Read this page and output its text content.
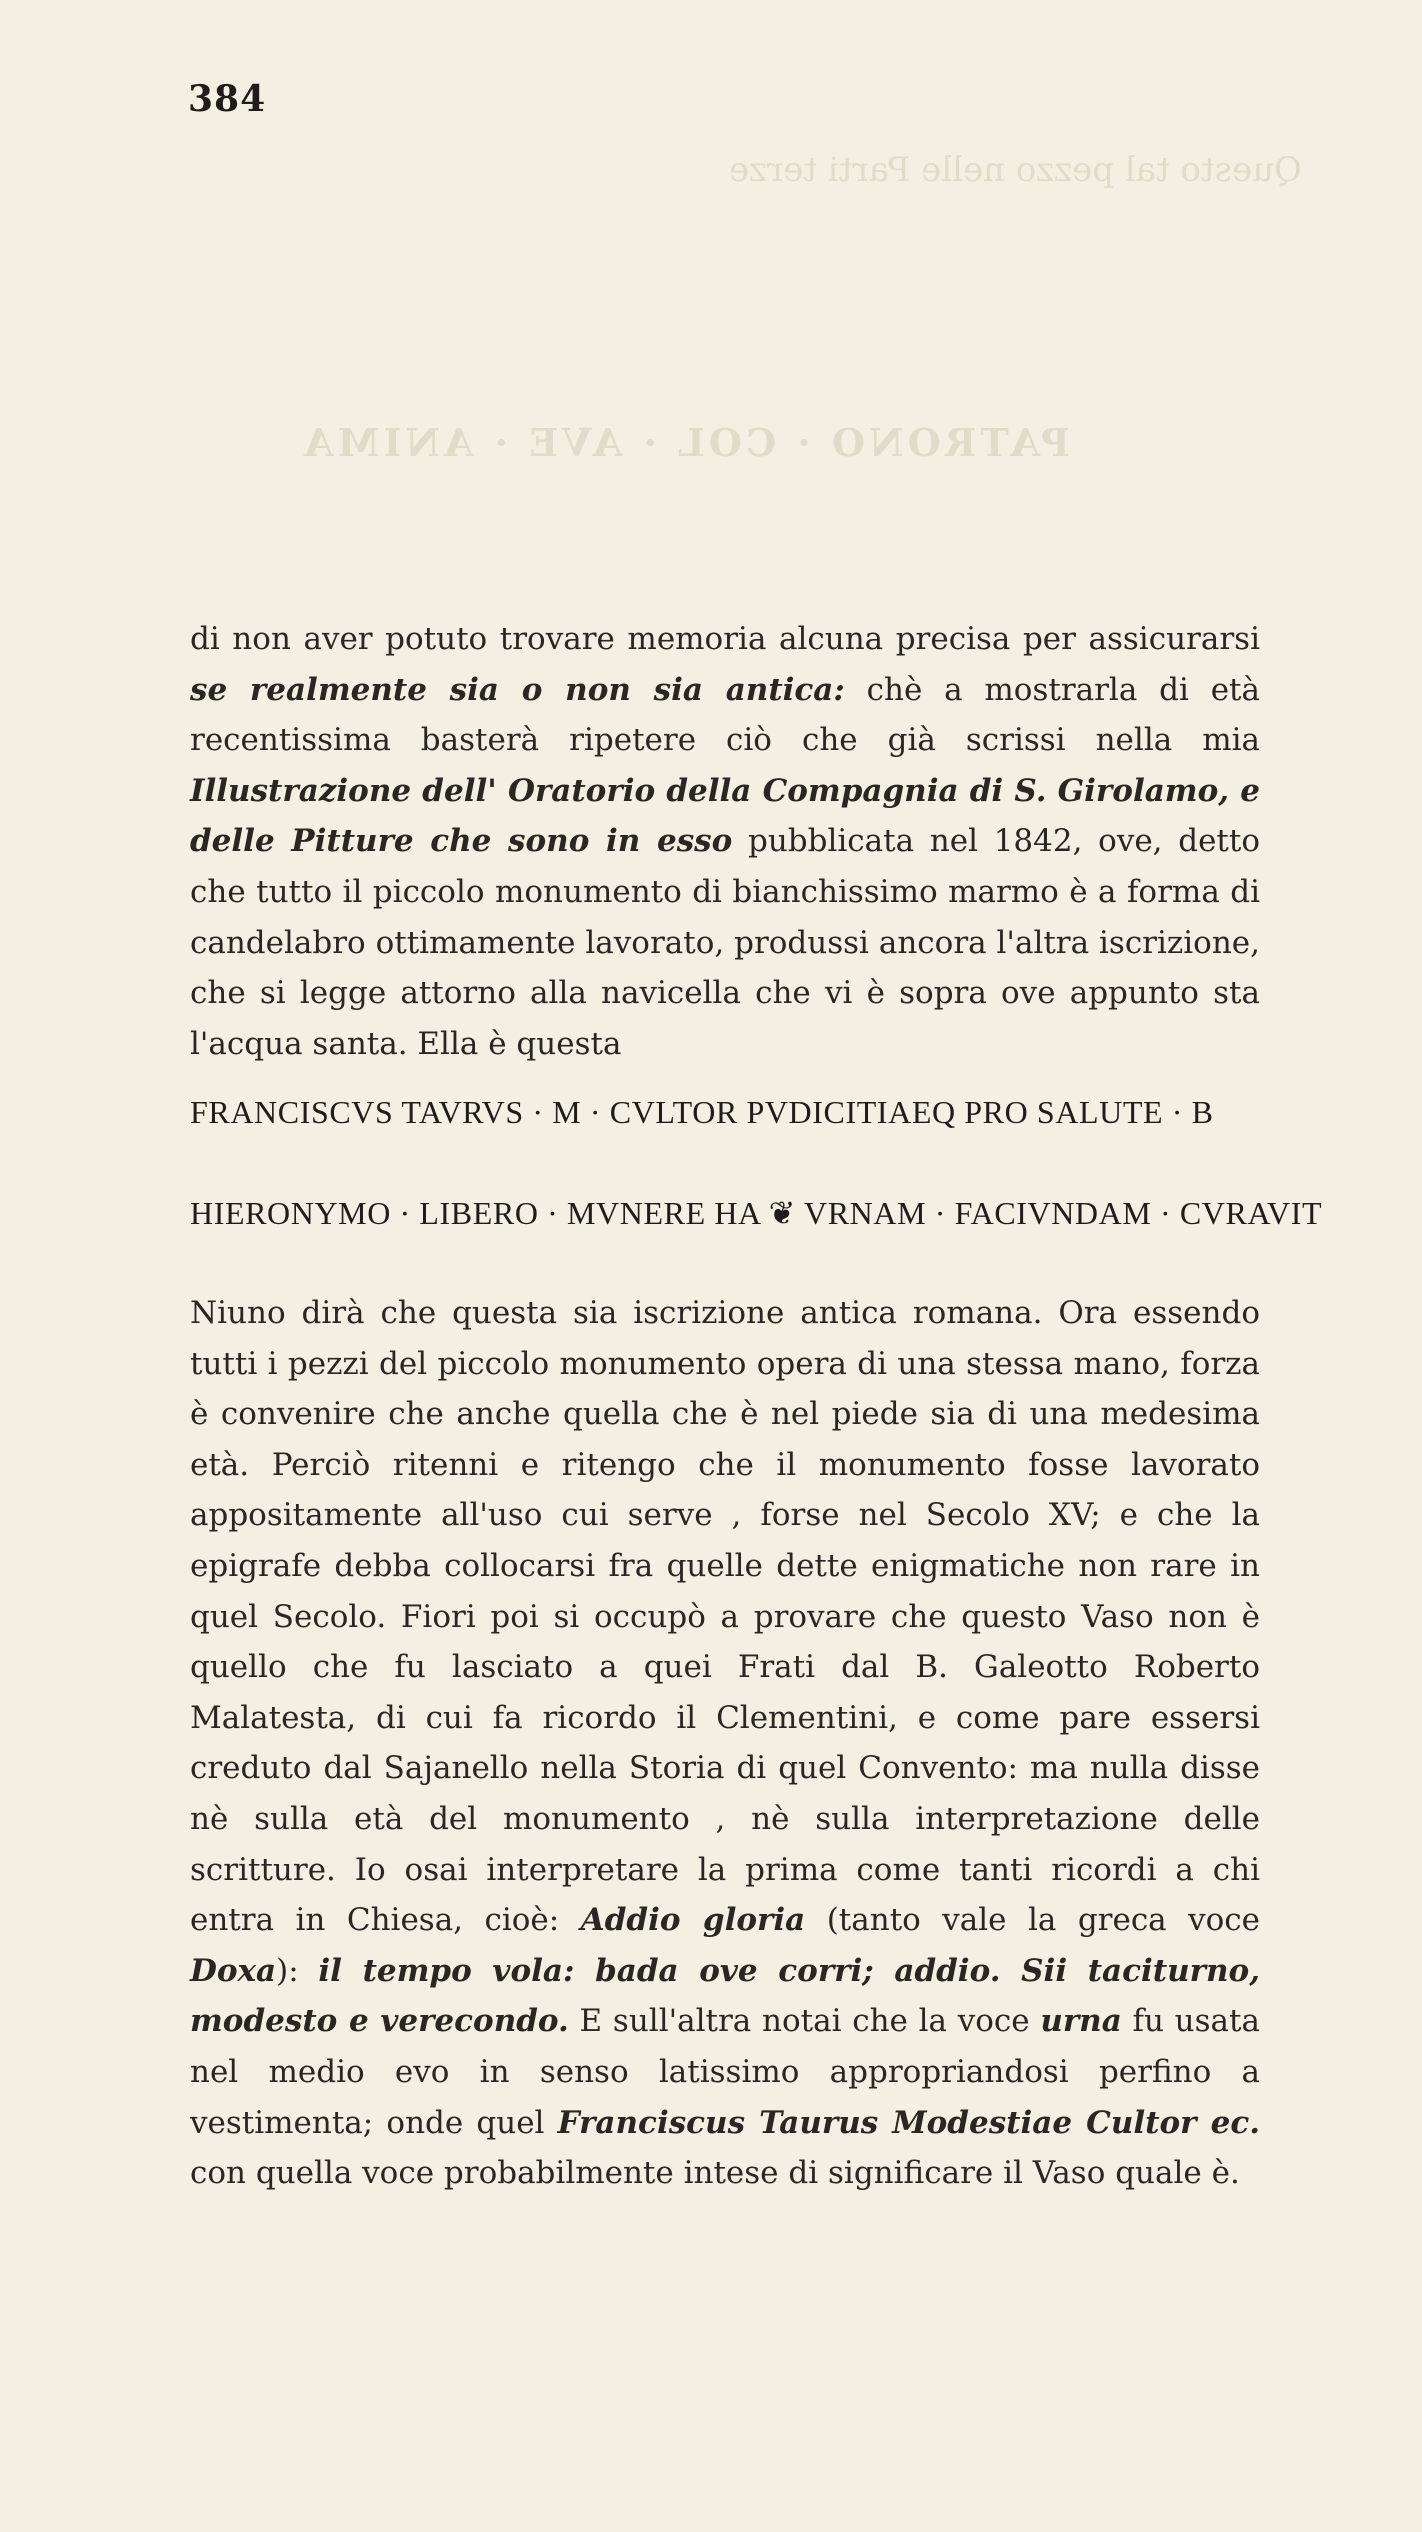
Questo tal pezzo nelle Parti terze
PATRONO · COL · AVE · ANIMA
384

di non aver potuto trovare memoria alcuna precisa per assicurarsi se realmente sia o non sia antica: chè a mostrarla di età recentissima basterà ripetere ciò che già scrissi nella mia Illustrazione dell' Oratorio della Compagnia di S. Girolamo, e delle Pitture che sono in esso pubblicata nel 1842, ove, detto che tutto il piccolo monumento di bianchissimo marmo è a forma di candelabro ottimamente lavorato, produssi ancora l'altra iscrizione, che si legge attorno alla navicella che vi è sopra ove appunto sta l'acqua santa. Ella è questa

FRANCISCVS TAVRVS · M · CVLTOR PVDICITIAEQ PRO SALUTE · B
HIERONYMO · LIBERO · MVNERE HA ❦ VRNAM · FACIVNDAM · CVRAVIT

Niuno dirà che questa sia iscrizione antica romana. Ora essendo tutti i pezzi del piccolo monumento opera di una stessa mano, forza è convenire che anche quella che è nel piede sia di una medesima età. Perciò ritenni e ritengo che il monumento fosse lavorato appositamente all'uso cui serve , forse nel Secolo XV; e che la epigrafe debba collocarsi fra quelle dette enigmatiche non rare in quel Secolo. Fiori poi si occupò a provare che questo Vaso non è quello che fu lasciato a quei Frati dal B. Galeotto Roberto Malatesta, di cui fa ricordo il Clementini, e come pare essersi creduto dal Sajanello nella Storia di quel Convento: ma nulla disse nè sulla età del monumento , nè sulla interpretazione delle scritture. Io osai interpretare la prima come tanti ricordi a chi entra in Chiesa, cioè: Addio gloria (tanto vale la greca voce Doxa): il tempo vola: bada ove corri; addio. Sii taciturno, modesto e verecondo. E sull'altra notai che la voce urna fu usata nel medio evo in senso latissimo appropriandosi perfino a vestimenta; onde quel Franciscus Taurus Modestiae Cultor ec. con quella voce probabilmente intese di significare il Vaso quale è.
